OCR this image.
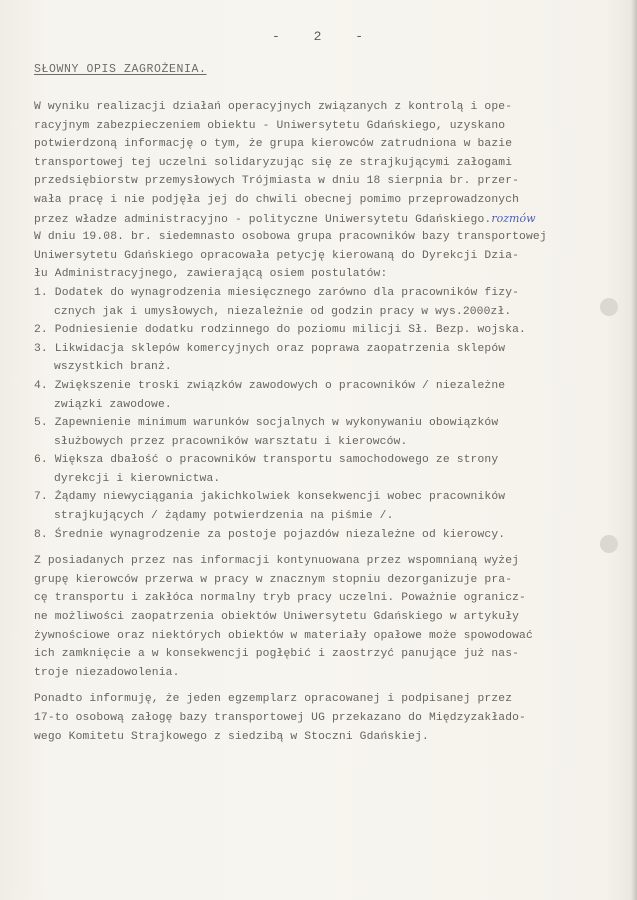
- 2 -
SŁOWNY OPIS ZAGROŻENIA.
W wyniku realizacji działań operacyjnych związanych z kontrolą i ope-
racyjnym zabezpieczeniem obiektu - Uniwersytetu Gdańskiego, uzyskano
potwierdzoną informację o tym, że grupa kierowców zatrudniona w bazie
transportowej tej uczelni solidaryzując się ze strajkującymi załogami
przedsiębiorstw przemysłowych Trójmiasta w dniu 18 sierpnia br. przer-
wała pracę i nie podjęła jej do chwili obecnej pomimo przeprowadzonych
przez władze administracyjno - polityczne Uniwersytetu Gdańskiego.rozmów
W dniu 19.08. br. siedemnasto osobowa grupa pracowników bazy transportowej
Uniwersytetu Gdańskiego opracowała petycję kierowaną do Dyrekcji Dzia-
łu Administracyjnego, zawierającą osiem postulatów:
1. Dodatek do wynagrodzenia miesięcznego zarówno dla pracowników fizy-
cznych jak i umysłowych, niezależnie od godzin pracy w wys.2000zł.
2. Podniesienie dodatku rodzinnego do poziomu milicji Sł. Bezp. wojska.
3. Likwidacja sklepów komercyjnych oraz poprawa zaopatrzenia sklepów
wszystkich branż.
4. Zwiększenie troski związków zawodowych o pracowników / niezależne
związki zawodowe.
5. Zapewnienie minimum warunków socjalnych w wykonywaniu obowiązków
służbowych przez pracowników warsztatu i kierowców.
6. Większa dbałość o pracowników transportu samochodowego ze strony
dyrekcji i kierownictwa.
7. Żądamy niewyciągania jakichkolwiek konsekwencji wobec pracowników
strajkujących / żądamy potwierdzenia na piśmie /.
8. Średnie wynagrodzenie za postoje pojazdów niezależne od kierowcy.
Z posiadanych przez nas informacji kontynuowana przez wspomnianą wyżej
grupę kierowców przerwa w pracy w znacznym stopniu dezorganizuje pra-
cę transportu i zakłóca normalny tryb pracy uczelni. Poważnie ogranicz-
ne możliwości zaopatrzenia obiektów Uniwersytetu Gdańskiego w artykuły
żywnościowe oraz niektórych obiektów w materiały opałowe może spowodować
ich zamknięcie a w konsekwencji pogłębić i zaostrzyć panujące już nas-
troje niezadowolenia.
Ponadto informuję, że jeden egzemplarz opracowanej i podpisanej przez
17-to osobową załogę bazy transportowej UG przekazano do Międzyzakłado-
wego Komitetu Strajkowego z siedzibą w Stoczni Gdańskiej.
